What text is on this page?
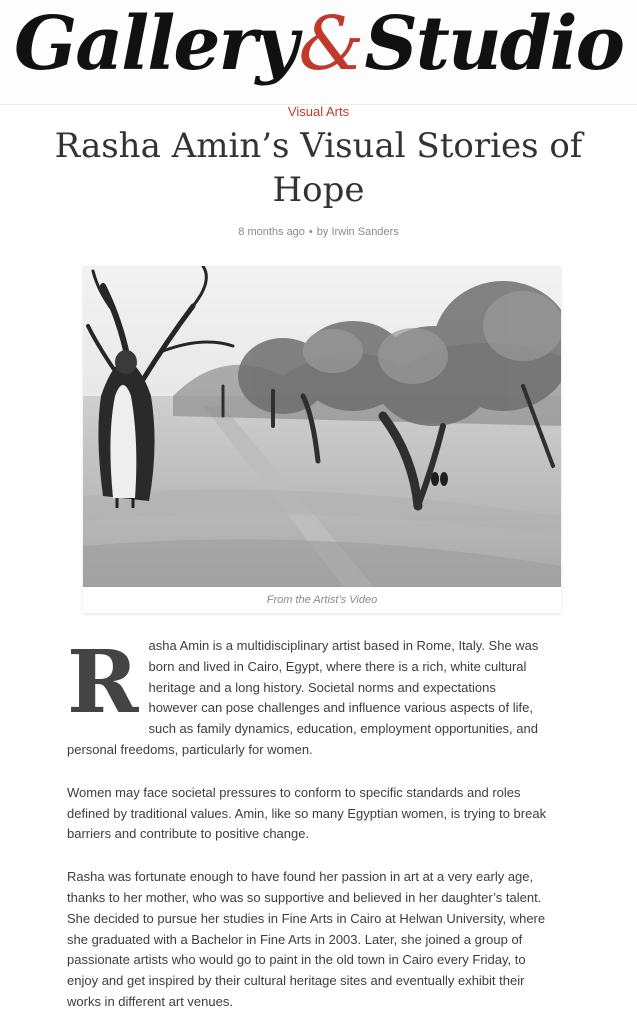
Gallery&Studio
Visual Arts
Rasha Amin’s Visual Stories of Hope
8 months ago • by Irwin Sanders
From the Artist’s Video

Rasha Amin is a multidisciplinary artist based in Rome, Italy. She was born and lived in Cairo, Egypt, where there is a rich, white cultural heritage and a long history. Societal norms and expectations however can pose challenges and influence various aspects of life, such as family dynamics, education, employment opportunities, and personal freedoms, particularly for women.

Women may face societal pressures to conform to specific standards and roles defined by traditional values. Amin, like so many Egyptian women, is trying to break barriers and contribute to positive change.

Rasha was fortunate enough to have found her passion in art at a very early age, thanks to her mother, who was so supportive and believed in her daughter’s talent. She decided to pursue her studies in Fine Arts in Cairo at Helwan University, where she graduated with a Bachelor in Fine Arts in 2003. Later, she joined a group of passionate artists who would go to paint in the old town in Cairo every Friday, to enjoy and get inspired by their cultural heritage sites and eventually exhibit their works in different art venues.
